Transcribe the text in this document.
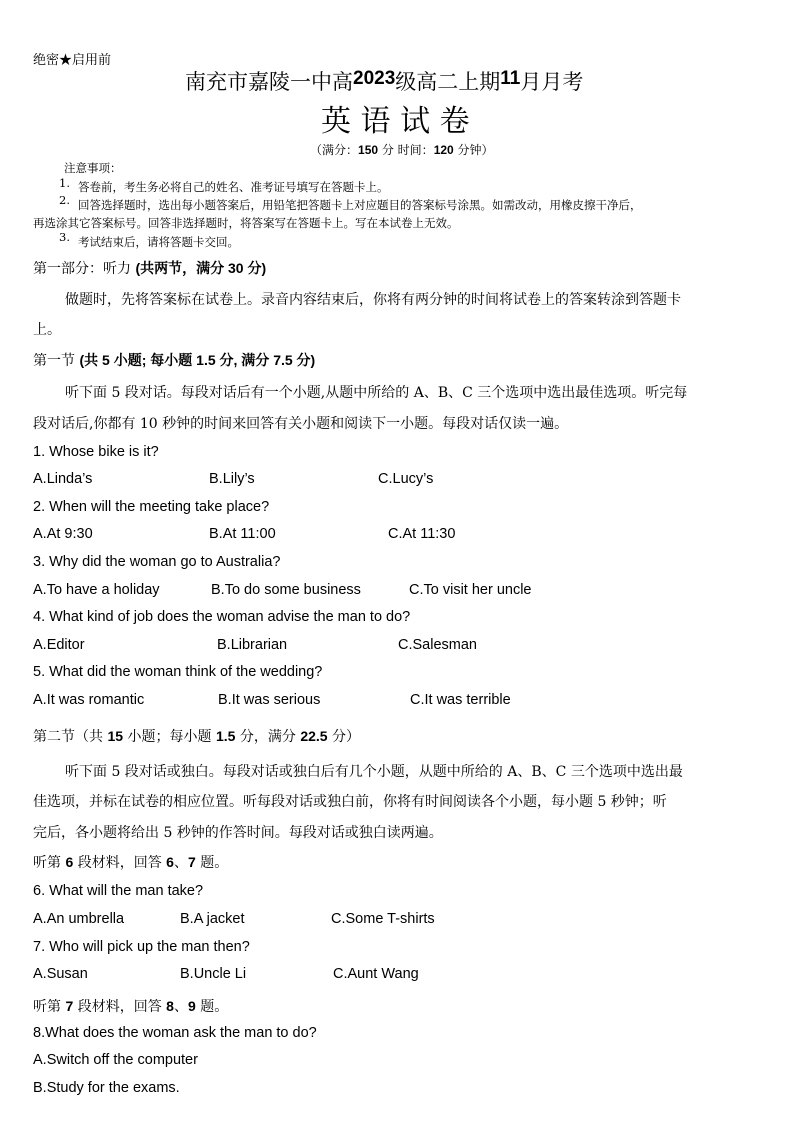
绝密★启用前
南充市嘉陵一中高2023级高二上期11月月考
英 语 试 卷
（满分：150 分 时间：120 分钟）
注意事项：
1. 答卷前，考生务必将自己的姓名、准考证号填写在答题卡上。
2. 回答选择题时，选出每小题答案后，用铅笔把答题卡上对应题目的答案标号涂黑。如需改动，用橡皮擦干净后，
再选涂其它答案标号。回答非选择题时，将答案写在答题卡上。写在本试卷上无效。
3. 考试结束后，请将答题卡交回。
第一部分：听力 (共两节，满分 30 分)
做题时，先将答案标在试卷上。录音内容结束后，你将有两分钟的时间将试卷上的答案转涂到答题卡
上。
第一节 (共 5 小题; 每小题 1.5 分, 满分 7.5 分)
听下面 5 段对话。每段对话后有一个小题,从题中所给的 A、B、C 三个选项中选出最佳选项。听完每
段对话后,你都有 10 秒钟的时间来回答有关小题和阅读下一小题。每段对话仅读一遍。
1. Whose bike is it?
A.Linda’s	B.Lily’s	C.Lucy’s
2. When will the meeting take place?
A.At 9:30	B.At 11:00	C.At 11:30
3. Why did the woman go to Australia?
A.To have a holiday	B.To do some business	C.To visit her uncle
4. What kind of job does the woman advise the man to do?
A.Editor	B.Librarian	C.Salesman
5. What did the woman think of the wedding?
A.It was romantic	B.It was serious	C.It was terrible
第二节（共 15 小题；每小题 1.5 分，满分 22.5 分）
听下面 5 段对话或独白。每段对话或独白后有几个小题，从题中所给的 A、B、C 三个选项中选出最
佳选项，并标在试卷的相应位置。听每段对话或独白前，你将有时间阅读各个小题，每小题 5 秒钟；听
完后，各小题将给出 5 秒钟的作答时间。每段对话或独白读两遍。
听第 6 段材料，回答 6、7 题。
6. What will the man take?
A.An umbrella	B.A jacket	C.Some T-shirts
7. Who will pick up the man then?
A.Susan	B.Uncle Li	C.Aunt Wang
听第 7 段材料，回答 8、9 题。
8.What does the woman ask the man to do?
A.Switch off the computer
B.Study for the exams.
